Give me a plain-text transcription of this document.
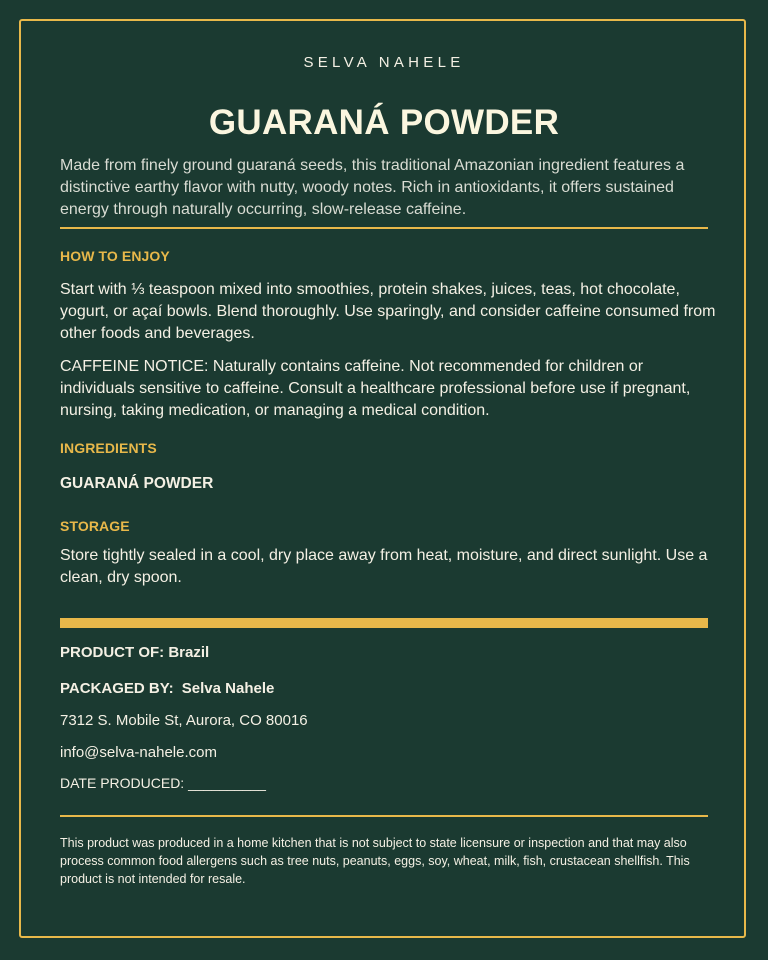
SELVA NAHELE
GUARANÁ POWDER
Made from finely ground guaraná seeds, this traditional Amazonian ingredient features a distinctive earthy flavor with nutty, woody notes. Rich in antioxidants, it offers sustained energy through naturally occurring, slow-release caffeine.
HOW TO ENJOY
Start with ⅓ teaspoon mixed into smoothies, protein shakes, juices, teas, hot chocolate, yogurt, or açaí bowls. Blend thoroughly. Use sparingly, and consider caffeine consumed from other foods and beverages.
CAFFEINE NOTICE: Naturally contains caffeine. Not recommended for children or individuals sensitive to caffeine. Consult a healthcare professional before use if pregnant, nursing, taking medication, or managing a medical condition.
INGREDIENTS
GUARANÁ POWDER
STORAGE
Store tightly sealed in a cool, dry place away from heat, moisture, and direct sunlight. Use a clean, dry spoon.
PRODUCT OF: Brazil
PACKAGED BY: Selva Nahele
7312 S. Mobile St, Aurora, CO 80016
info@selva-nahele.com
DATE PRODUCED: __________
This product was produced in a home kitchen that is not subject to state licensure or inspection and that may also process common food allergens such as tree nuts, peanuts, eggs, soy, wheat, milk, fish, crustacean shellfish. This product is not intended for resale.
